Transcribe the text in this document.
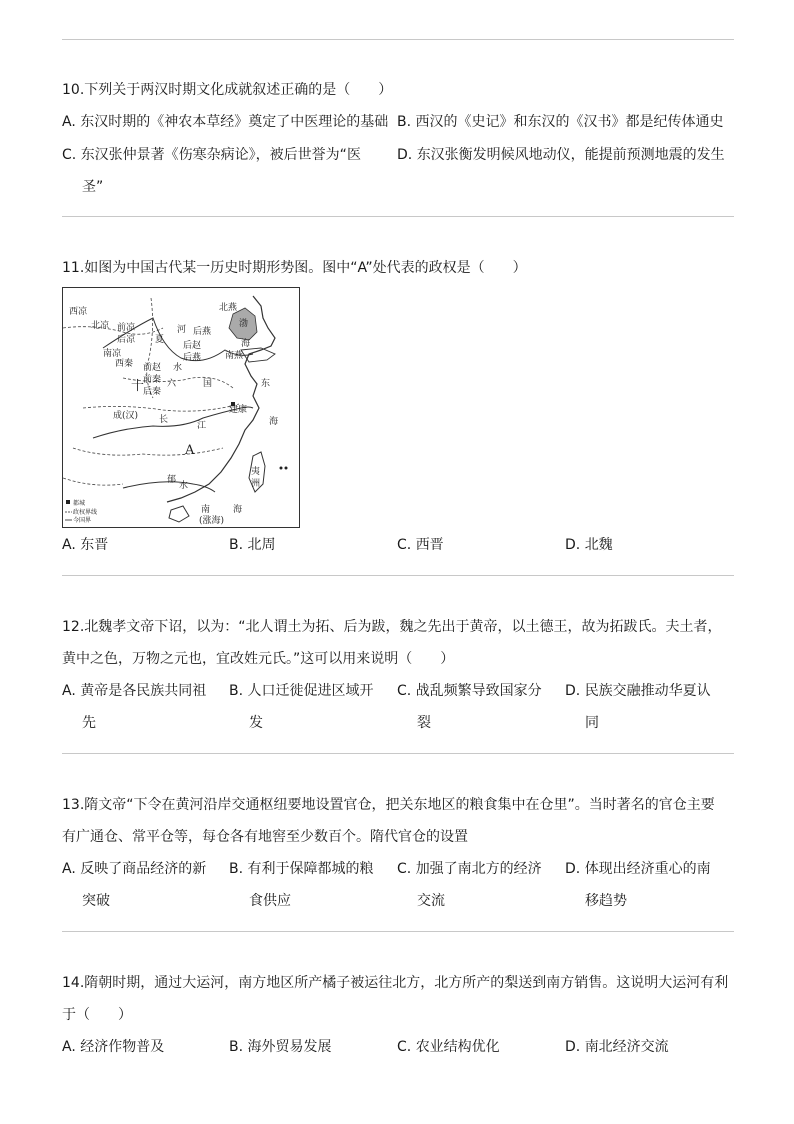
10.下列关于两汉时期文化成就叙述正确的是（　　）
A. 东汉时期的《神农本草经》奠定了中医理论的基础 B. 西汉的《史记》和东汉的《汉书》都是纪传体通史
C. 东汉张仲景著《伤寒杂病论》，被后世誉为“医
圣”
D. 东汉张衡发明候风地动仪，能提前预测地震的发生
11.如图为中国古代某一历史时期形势图。图中“A”处代表的政权是（　　）
西凉
北凉 前凉
后凉
南凉
西秦
夏
前赵
前秦
后秦
河 后燕
后赵
后燕
北燕
渤
海
南燕
水
六	国
十	东
建康
海
成(汉) 长
江
A
郁
水
南	海
(涨海)
夷
洲
都城
政权界线
今国界
A. 东晋	B. 北周	C. 西晋	D. 北魏
12.北魏孝文帝下诏，以为：“北人谓土为拓、后为跋，魏之先出于黄帝，以土德王，故为拓跋氏。夫土者，
黄中之色，万物之元也，宜改姓元氏。”这可以用来说明（　　）
A. 黄帝是各民族共同祖
先
B. 人口迁徙促进区域开
发
C. 战乱频繁导致国家分
裂
D. 民族交融推动华夏认
同
13.隋文帝“下令在黄河沿岸交通枢纽要地设置官仓，把关东地区的粮食集中在仓里”。当时著名的官仓主要
有广通仓、常平仓等，每仓各有地窖至少数百个。隋代官仓的设置
A. 反映了商品经济的新
突破
B. 有利于保障都城的粮
食供应
C. 加强了南北方的经济
交流
D. 体现出经济重心的南
移趋势
14.隋朝时期，通过大运河，南方地区所产橘子被运往北方，北方所产的梨送到南方销售。这说明大运河有利
于（　　）
A. 经济作物普及	B. 海外贸易发展	C. 农业结构优化	D. 南北经济交流
